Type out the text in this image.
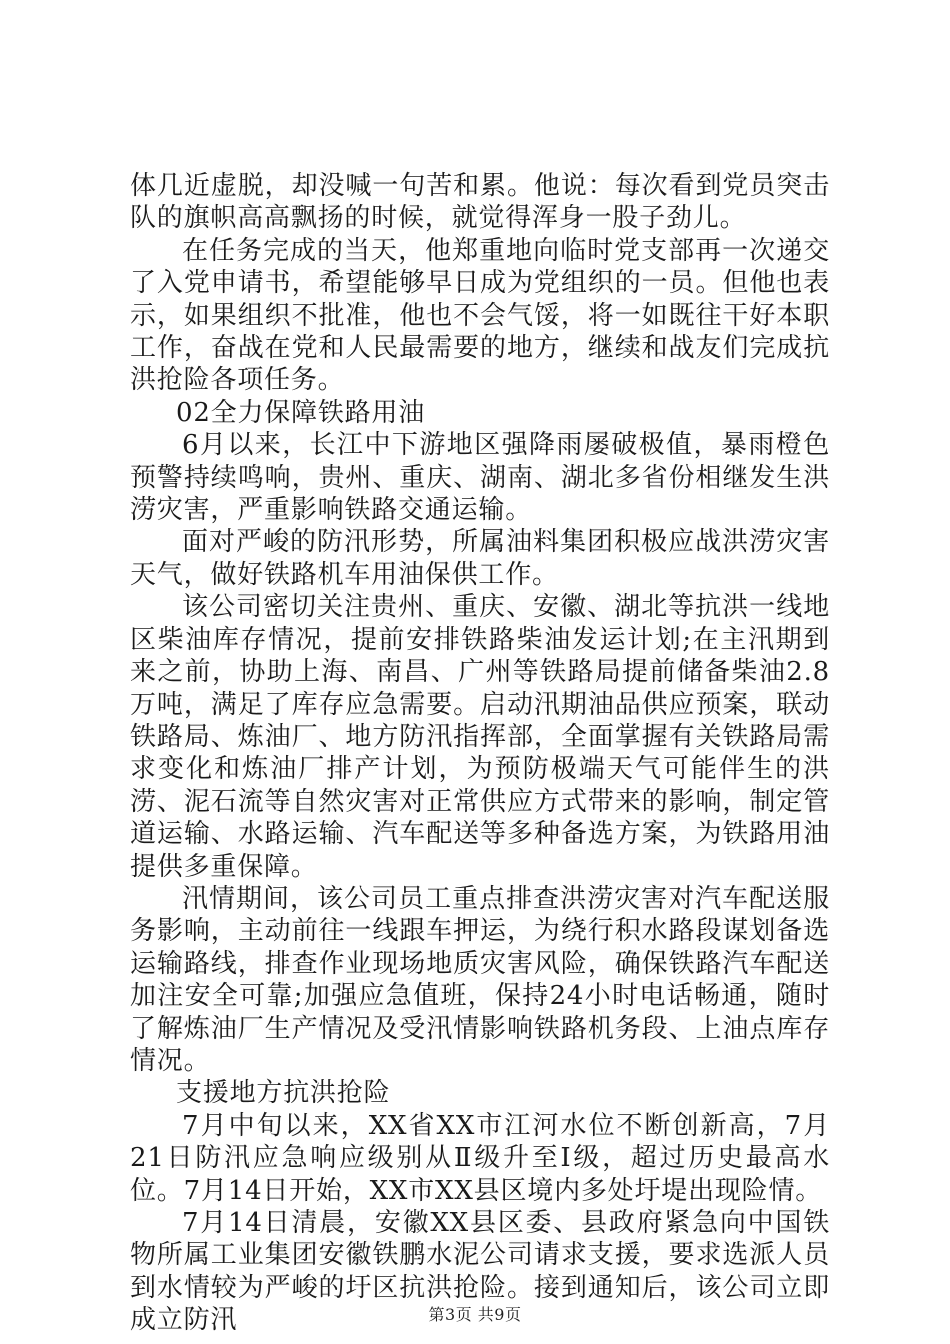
体几近虚脱，却没喊一句苦和累。他说：每次看到党员突击队的旗帜高高飘扬的时候，就觉得浑身一股子劲儿。

在任务完成的当天，他郑重地向临时党支部再一次递交了入党申请书，希望能够早日成为党组织的一员。但他也表示，如果组织不批准，他也不会气馁，将一如既往干好本职工作，奋战在党和人民最需要的地方，继续和战友们完成抗洪抢险各项任务。

02全力保障铁路用油

6月以来，长江中下游地区强降雨屡破极值，暴雨橙色预警持续鸣响，贵州、重庆、湖南、湖北多省份相继发生洪涝灾害，严重影响铁路交通运输。

面对严峻的防汛形势，所属油料集团积极应战洪涝灾害天气，做好铁路机车用油保供工作。

该公司密切关注贵州、重庆、安徽、湖北等抗洪一线地区柴油库存情况，提前安排铁路柴油发运计划;在主汛期到来之前，协助上海、南昌、广州等铁路局提前储备柴油2.8万吨，满足了库存应急需要。启动汛期油品供应预案，联动铁路局、炼油厂、地方防汛指挥部，全面掌握有关铁路局需求变化和炼油厂排产计划，为预防极端天气可能伴生的洪涝、泥石流等自然灾害对正常供应方式带来的影响，制定管道运输、水路运输、汽车配送等多种备选方案，为铁路用油提供多重保障。

汛情期间，该公司员工重点排查洪涝灾害对汽车配送服务影响，主动前往一线跟车押运，为绕行积水路段谋划备选运输路线，排查作业现场地质灾害风险，确保铁路汽车配送加注安全可靠;加强应急值班，保持24小时电话畅通，随时了解炼油厂生产情况及受汛情影响铁路机务段、上油点库存情况。

支援地方抗洪抢险

7月中旬以来，XX省XX市江河水位不断创新高，7月21日防汛应急响应级别从Ⅱ级升至Ⅰ级，超过历史最高水位。7月14日开始，XX市XX县区境内多处圩堤出现险情。

7月14日清晨，安徽XX县区委、县政府紧急向中国铁物所属工业集团安徽铁鹏水泥公司请求支援，要求选派人员到水情较为严峻的圩区抗洪抢险。接到通知后，该公司立即成立防汛	第3页 共9页
